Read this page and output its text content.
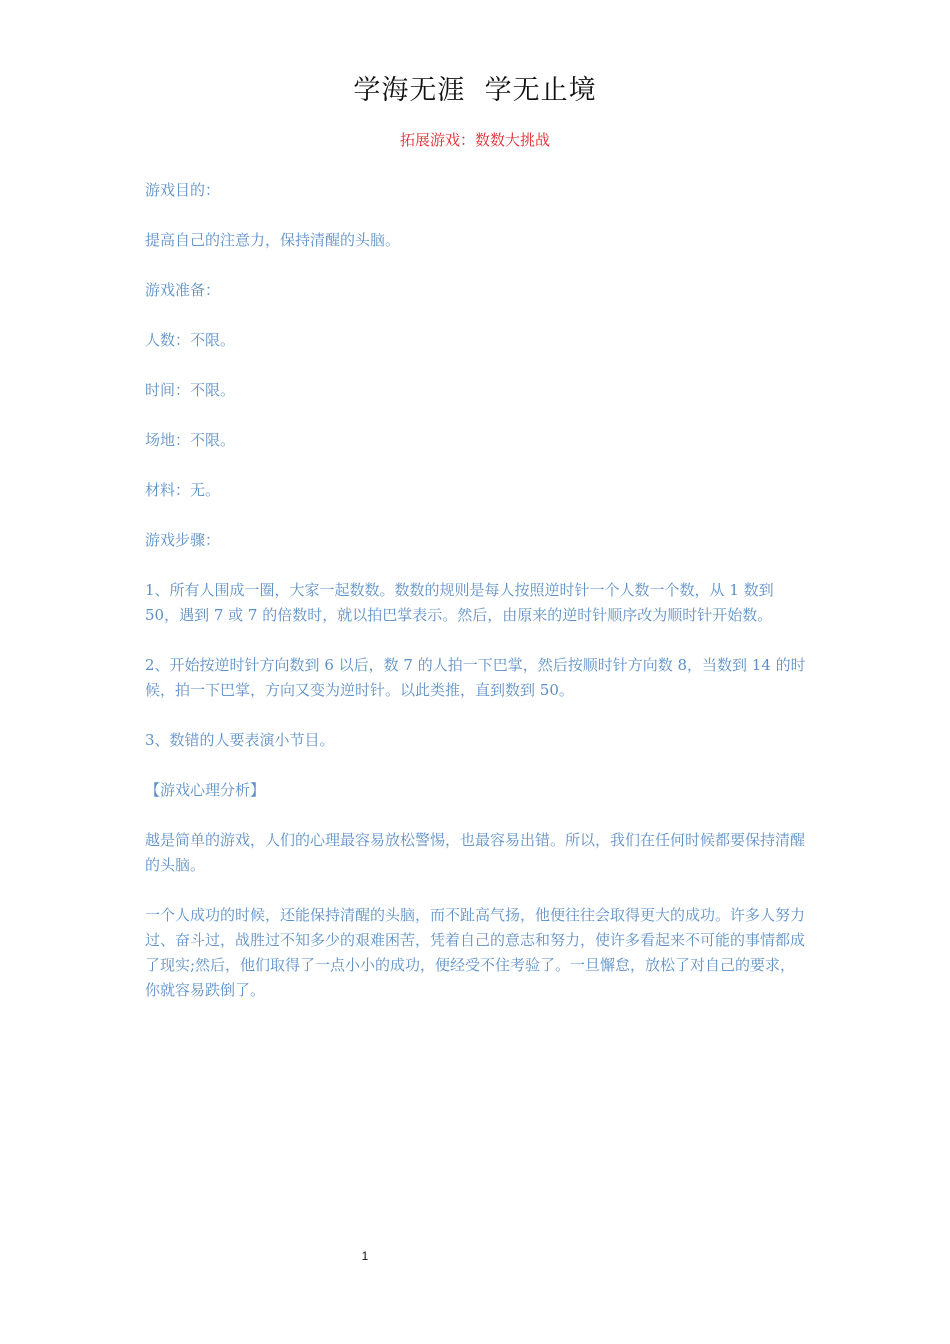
学海无涯  学无止境
拓展游戏：数数大挑战

游戏目的：

提高自己的注意力，保持清醒的头脑。

游戏准备：

人数：不限。

时间：不限。

场地：不限。

材料：无。

游戏步骤：

1、所有人围成一圈，大家一起数数。数数的规则是每人按照逆时针一个人数一个数，从 1 数到 50，遇到 7 或 7 的倍数时，就以拍巴掌表示。然后，由原来的逆时针顺序改为顺时针开始数。

2、开始按逆时针方向数到 6 以后，数 7 的人拍一下巴掌，然后按顺时针方向数 8，当数到 14 的时候，拍一下巴掌，方向又变为逆时针。以此类推，直到数到 50。

3、数错的人要表演小节目。

【游戏心理分析】

越是简单的游戏，人们的心理最容易放松警惕，也最容易出错。所以，我们在任何时候都要保持清醒的头脑。

一个人成功的时候，还能保持清醒的头脑，而不趾高气扬，他便往往会取得更大的成功。许多人努力过、奋斗过，战胜过不知多少的艰难困苦，凭着自己的意志和努力，使许多看起来不可能的事情都成了现实;然后，他们取得了一点小小的成功，便经受不住考验了。一旦懈怠，放松了对自己的要求，你就容易跌倒了。

1
